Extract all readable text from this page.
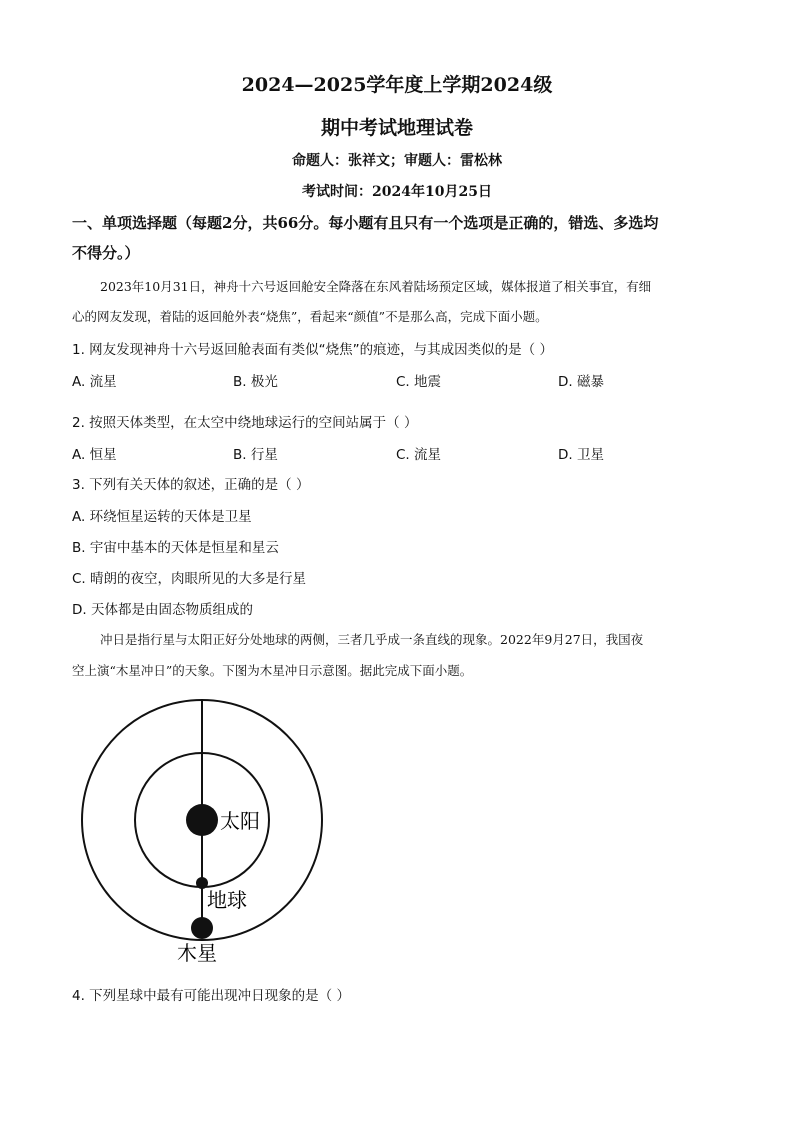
2024—2025学年度上学期2024级
期中考试地理试卷
命题人：张祥文；审题人：雷松林
考试时间：2024年10月25日
一、单项选择题（每题2分，共66分。每小题有且只有一个选项是正确的，错选、多选均
不得分。）
2023年10月31日，神舟十六号返回舱安全降落在东风着陆场预定区域，媒体报道了相关事宜，有细
心的网友发现，着陆的返回舱外表“烧焦”，看起来“颜值”不是那么高，完成下面小题。
1. 网友发现神舟十六号返回舱表面有类似“烧焦”的痕迹，与其成因类似的是（ ）
A. 流星	B. 极光	C. 地震	D. 磁暴
2. 按照天体类型，在太空中绕地球运行的空间站属于（ ）
A. 恒星	B. 行星	C. 流星	D. 卫星
3. 下列有关天体的叙述，正确的是（ ）
A. 环绕恒星运转的天体是卫星
B. 宇宙中基本的天体是恒星和星云
C. 晴朗的夜空，肉眼所见的大多是行星
D. 天体都是由固态物质组成的
冲日是指行星与太阳正好分处地球的两侧，三者几乎成一条直线的现象。2022年9月27日，我国夜
空上演“木星冲日”的天象。下图为木星冲日示意图。据此完成下面小题。
太阳
地球
木星
4. 下列星球中最有可能出现冲日现象的是（ ）
